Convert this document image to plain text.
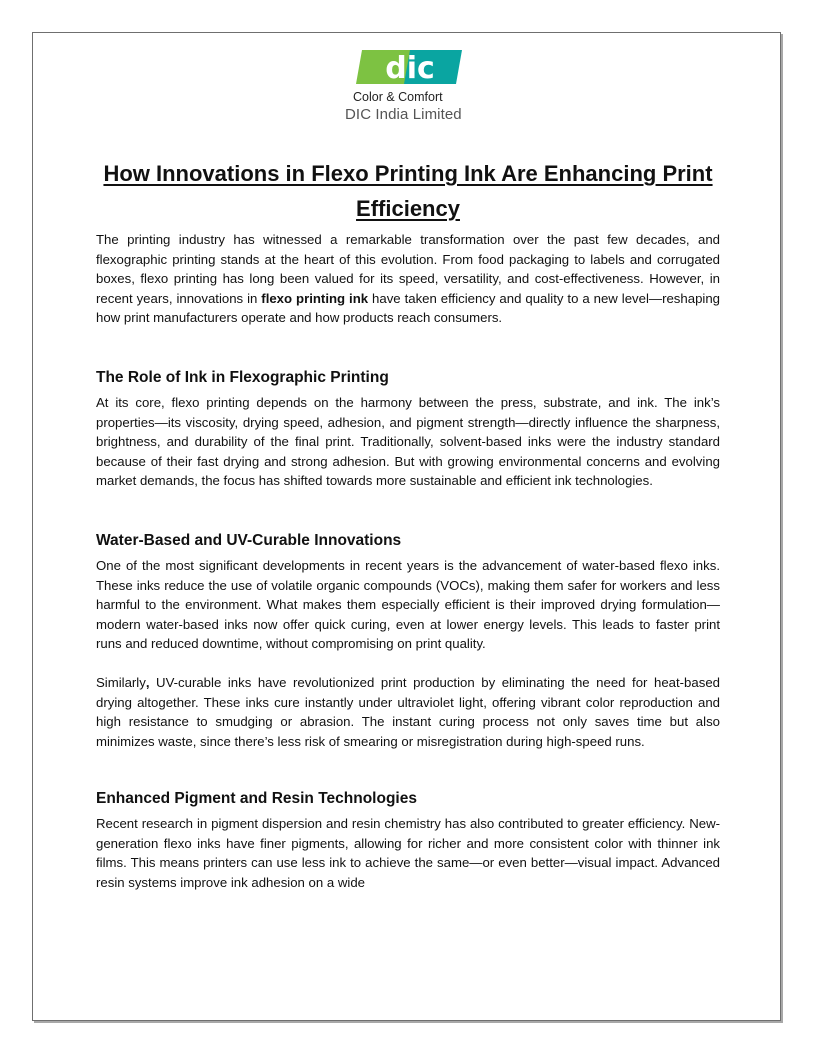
dic
Color & Comfort
DIC India Limited
How Innovations in Flexo Printing Ink Are Enhancing Print Efficiency

The printing industry has witnessed a remarkable transformation over the past few decades, and flexographic printing stands at the heart of this evolution. From food packaging to labels and corrugated boxes, flexo printing has long been valued for its speed, versatility, and cost-effectiveness. However, in recent years, innovations in flexo printing ink have taken efficiency and quality to a new level—reshaping how print manufacturers operate and how products reach consumers.

The Role of Ink in Flexographic Printing

At its core, flexo printing depends on the harmony between the press, substrate, and ink. The ink’s properties—its viscosity, drying speed, adhesion, and pigment strength—directly influence the sharpness, brightness, and durability of the final print. Traditionally, solvent-based inks were the industry standard because of their fast drying and strong adhesion. But with growing environmental concerns and evolving market demands, the focus has shifted towards more sustainable and efficient ink technologies.

Water-Based and UV-Curable Innovations

One of the most significant developments in recent years is the advancement of water-based flexo inks. These inks reduce the use of volatile organic compounds (VOCs), making them safer for workers and less harmful to the environment. What makes them especially efficient is their improved drying formulation—modern water-based inks now offer quick curing, even at lower energy levels. This leads to faster print runs and reduced downtime, without compromising on print quality.

Similarly, UV-curable inks have revolutionized print production by eliminating the need for heat-based drying altogether. These inks cure instantly under ultraviolet light, offering vibrant color reproduction and high resistance to smudging or abrasion. The instant curing process not only saves time but also minimizes waste, since there’s less risk of smearing or misregistration during high-speed runs.

Enhanced Pigment and Resin Technologies

Recent research in pigment dispersion and resin chemistry has also contributed to greater efficiency. New-generation flexo inks have finer pigments, allowing for richer and more consistent color with thinner ink films. This means printers can use less ink to achieve the same—or even better—visual impact. Advanced resin systems improve ink adhesion on a wide
